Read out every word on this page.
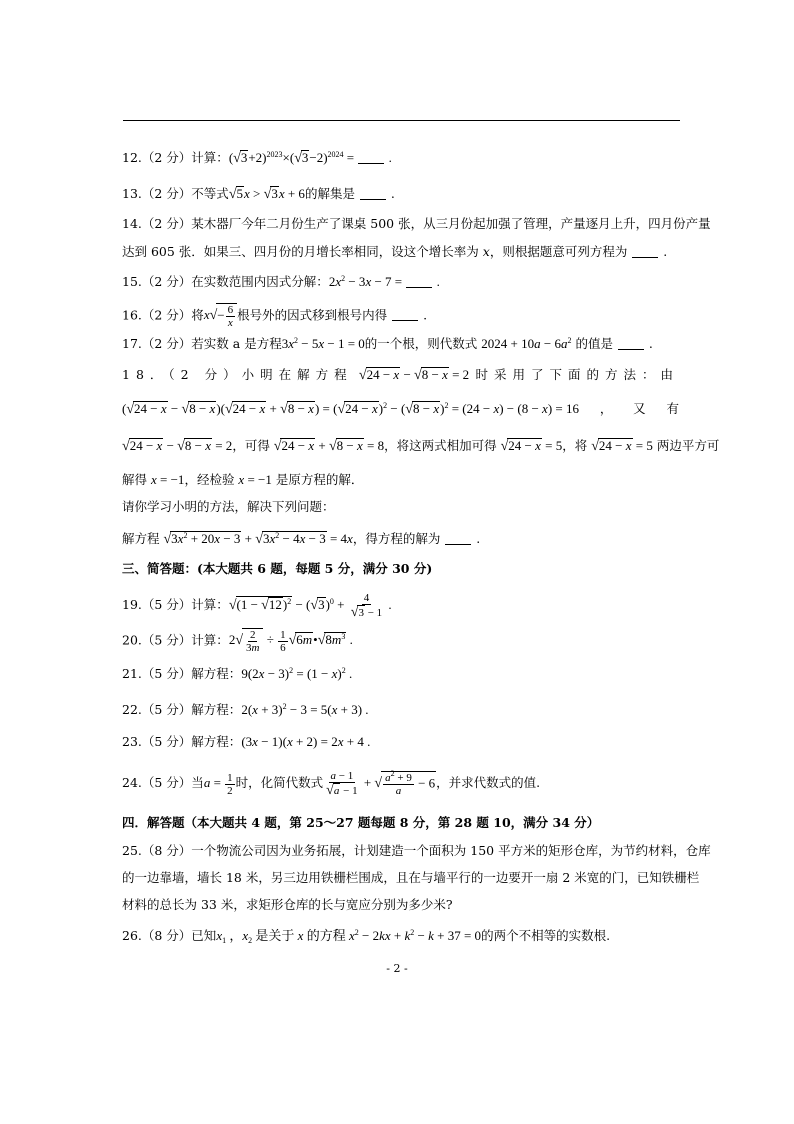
12.（2 分）计算：$(√3+2)^{2023}\times(√3-2)^{2024}$ =  .
13.（2 分）不等式√5x > √3x + 6的解集是  .
14.（2 分）某木器厂今年二月份生产了课桌 500 张，从三月份起加强了管理，产量逐月上升，四月份产量
达到 605 张．如果三、四月份的月增长率相同，设这个增长率为 x，则根据题意可列方程为  .
15.（2 分）在实数范围内因式分解：$2x^2 - 3x - 7$ =  .
16.（2 分）将$x√- \frac{6}{x}$ 根号外的因式移到根号内得  .
17.（2 分）若实数 a 是方程$3x^2 - 5x - 1 = 0$的一个根，则代数式 $2024 + 10a - 6a^2$ 的值是  .
18．（2 分）小明在解方程 √24 − x − √8 − x = 2 时采用了下面的方法：由
$(√24 - x - √8 - x)(√24 - x + √8 - x) = (√24 - x)^2 - (√8 - x)^2 = (24 - x) - (8 - x) = 16$ ， 又 有
√24 − x − √8 − x = 2，可得 √24 − x + √8 − x = 8，将这两式相加可得 √24 − x = 5，将 √24 − x = 5 两边平方可
解得 x = −1，经检验 x = −1 是原方程的解．
请你学习小明的方法，解决下列问题：
解方程 $√3x^2 + 20x - 3 + √3x^2 - 4x - 3 = 4x$，得方程的解为  .
三、简答题：(本大题共 6 题，每题 5 分，满分 30 分)
19.（5 分）计算：$√(1 - √12)^2 - (√3)^0 + \frac{4}{√3 - 1}$ .
20.（5 分）计算：$2√ \frac{2}{3m} \div \frac{1}{6}$ $√6m•√8m^3$ .
21.（5 分）解方程：$9(2x - 3)^2 = (1 - x)^2$ .
22.（5 分）解方程：$2(x + 3)^2 - 3 = 5(x + 3)$ .
23.（5 分）解方程：(3x − 1)(x + 2) = 2x + 4 .
24.（5 分）当$a = \frac{1}{2}$ 时，化简代数式 $\frac{a - 1}{√a - 1}$ + √ $\frac{a^2 + 9}{a} - 6$，并求代数式的值.
四．解答题（本大题共 4 题，第 25～27 题每题 8 分，第 28 题 10，满分 34 分）
25.（8 分）一个物流公司因为业务拓展，计划建造一个面积为 150 平方米的矩形仓库，为节约材料，仓库
的一边靠墙，墙长 18 米，另三边用铁栅栏围成，且在与墙平行的一边要开一扇 2 米宽的门，已知铁栅栏
材料的总长为 33 米，求矩形仓库的长与宽应分别为多少米?
26.（8 分）已知$x_1$ ，$x_2$ 是关于 x 的方程 $x^2 - 2kx + k^2 - k + 37 = 0$的两个不相等的实数根.
- 2 -
